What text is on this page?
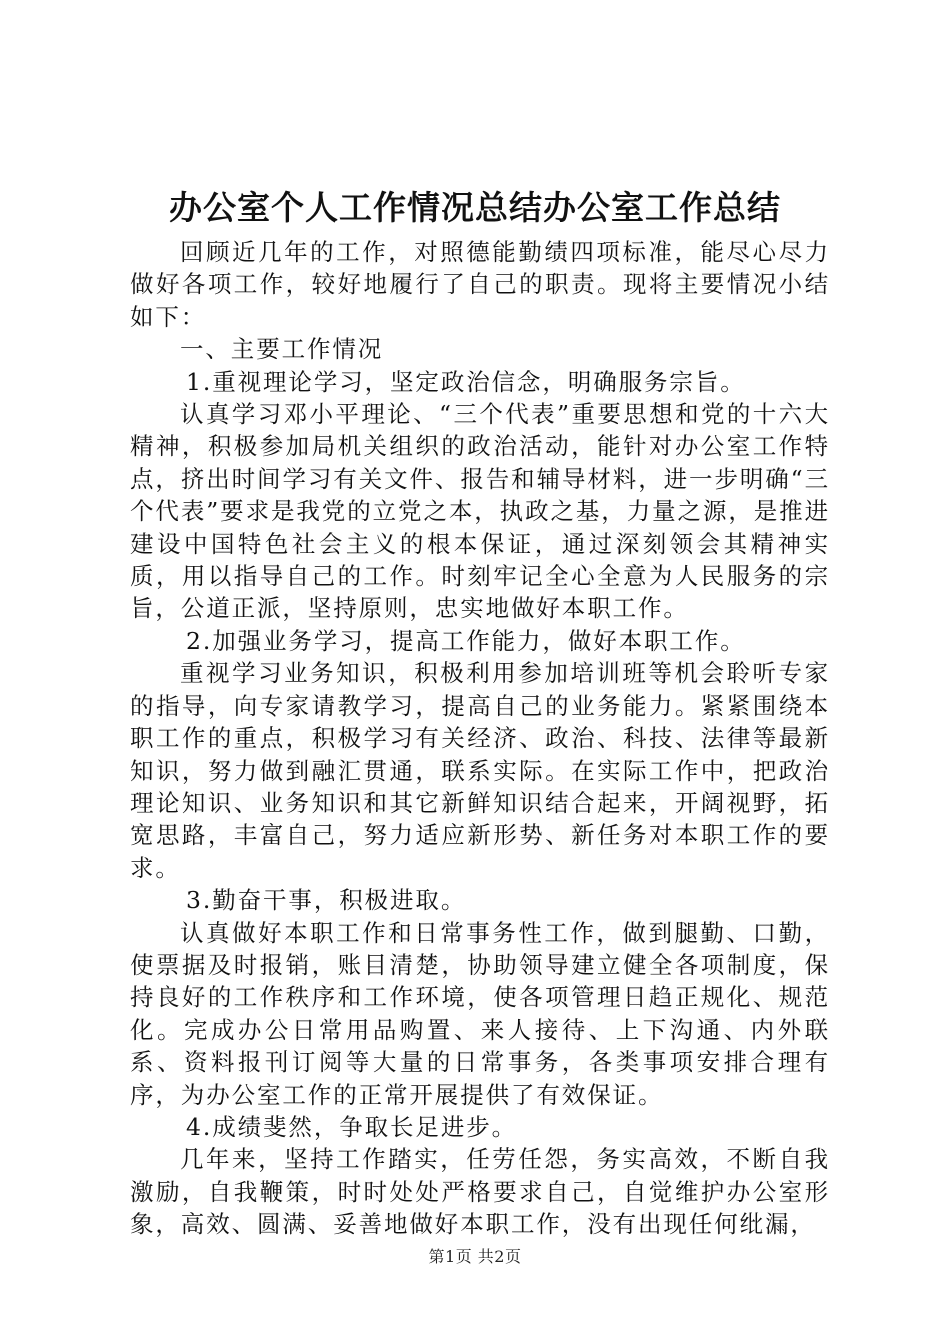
办公室个人工作情况总结办公室工作总结

回顾近几年的工作，对照德能勤绩四项标准，能尽心尽力做好各项工作，较好地履行了自己的职责。现将主要情况小结如下：

一、主要工作情况

1.重视理论学习，坚定政治信念，明确服务宗旨。

认真学习邓小平理论、“三个代表”重要思想和党的十六大精神，积极参加局机关组织的政治活动，能针对办公室工作特点，挤出时间学习有关文件、报告和辅导材料，进一步明确“三个代表”要求是我党的立党之本，执政之基，力量之源，是推进建设中国特色社会主义的根本保证，通过深刻领会其精神实质，用以指导自己的工作。时刻牢记全心全意为人民服务的宗旨，公道正派，坚持原则，忠实地做好本职工作。

2.加强业务学习，提高工作能力，做好本职工作。

重视学习业务知识，积极利用参加培训班等机会聆听专家的指导，向专家请教学习，提高自己的业务能力。紧紧围绕本职工作的重点，积极学习有关经济、政治、科技、法律等最新知识，努力做到融汇贯通，联系实际。在实际工作中，把政治理论知识、业务知识和其它新鲜知识结合起来，开阔视野，拓宽思路，丰富自己，努力适应新形势、新任务对本职工作的要求。

3.勤奋干事，积极进取。

认真做好本职工作和日常事务性工作，做到腿勤、口勤，使票据及时报销，账目清楚，协助领导建立健全各项制度，保持良好的工作秩序和工作环境，使各项管理日趋正规化、规范化。完成办公日常用品购置、来人接待、上下沟通、内外联系、资料报刊订阅等大量的日常事务，各类事项安排合理有序，为办公室工作的正常开展提供了有效保证。

4.成绩斐然，争取长足进步。

几年来，坚持工作踏实，任劳任怨，务实高效，不断自我激励，自我鞭策，时时处处严格要求自己，自觉维护办公室形象，高效、圆满、妥善地做好本职工作，没有出现任何纰漏，

第1页 共2页
